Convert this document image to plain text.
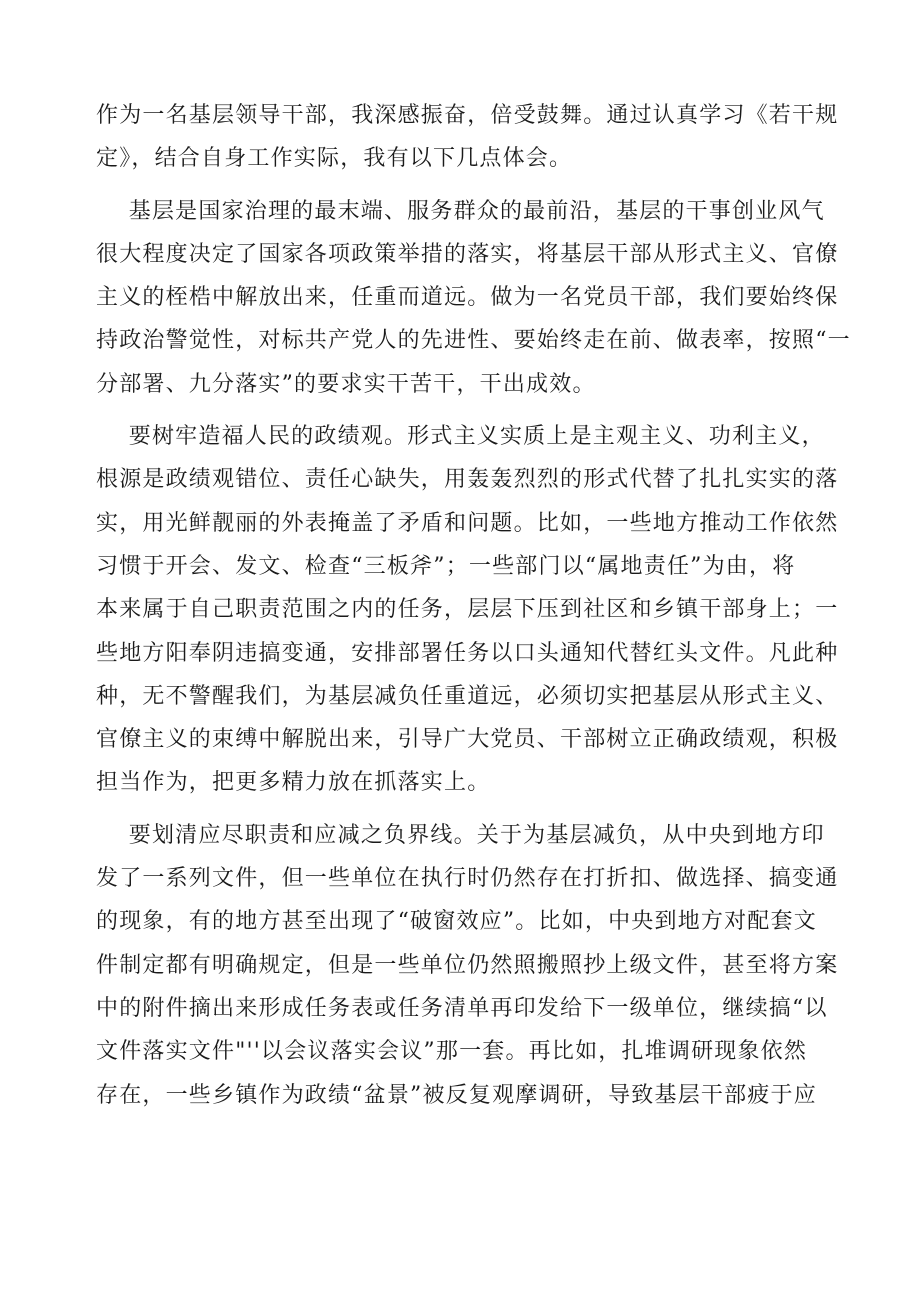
作为一名基层领导干部，我深感振奋，倍受鼓舞。通过认真学习《若干规
定》，结合自身工作实际，我有以下几点体会。
基层是国家治理的最末端、服务群众的最前沿，基层的干事创业风气
很大程度决定了国家各项政策举措的落实，将基层干部从形式主义、官僚
主义的桎梏中解放出来，任重而道远。做为一名党员干部，我们要始终保
持政治警觉性，对标共产党人的先进性、要始终走在前、做表率，按照“一
分部署、九分落实”的要求实干苦干，干出成效。
要树牢造福人民的政绩观。形式主义实质上是主观主义、功利主义，
根源是政绩观错位、责任心缺失，用轰轰烈烈的形式代替了扎扎实实的落
实，用光鲜靓丽的外表掩盖了矛盾和问题。比如，一些地方推动工作依然
习惯于开会、发文、检查“三板斧”；一些部门以“属地责任”为由，将
本来属于自己职责范围之内的任务，层层下压到社区和乡镇干部身上；一
些地方阳奉阴违搞变通，安排部署任务以口头通知代替红头文件。凡此种
种，无不警醒我们，为基层减负任重道远，必须切实把基层从形式主义、
官僚主义的束缚中解脱出来，引导广大党员、干部树立正确政绩观，积极
担当作为，把更多精力放在抓落实上。
要划清应尽职责和应减之负界线。关于为基层减负，从中央到地方印
发了一系列文件，但一些单位在执行时仍然存在打折扣、做选择、搞变通
的现象，有的地方甚至出现了“破窗效应”。比如，中央到地方对配套文
件制定都有明确规定，但是一些单位仍然照搬照抄上级文件，甚至将方案
中的附件摘出来形成任务表或任务清单再印发给下一级单位，继续搞“以
文件落实文件"''以会议落实会议”那一套。再比如，扎堆调研现象依然
存在，一些乡镇作为政绩“盆景”被反复观摩调研，导致基层干部疲于应
